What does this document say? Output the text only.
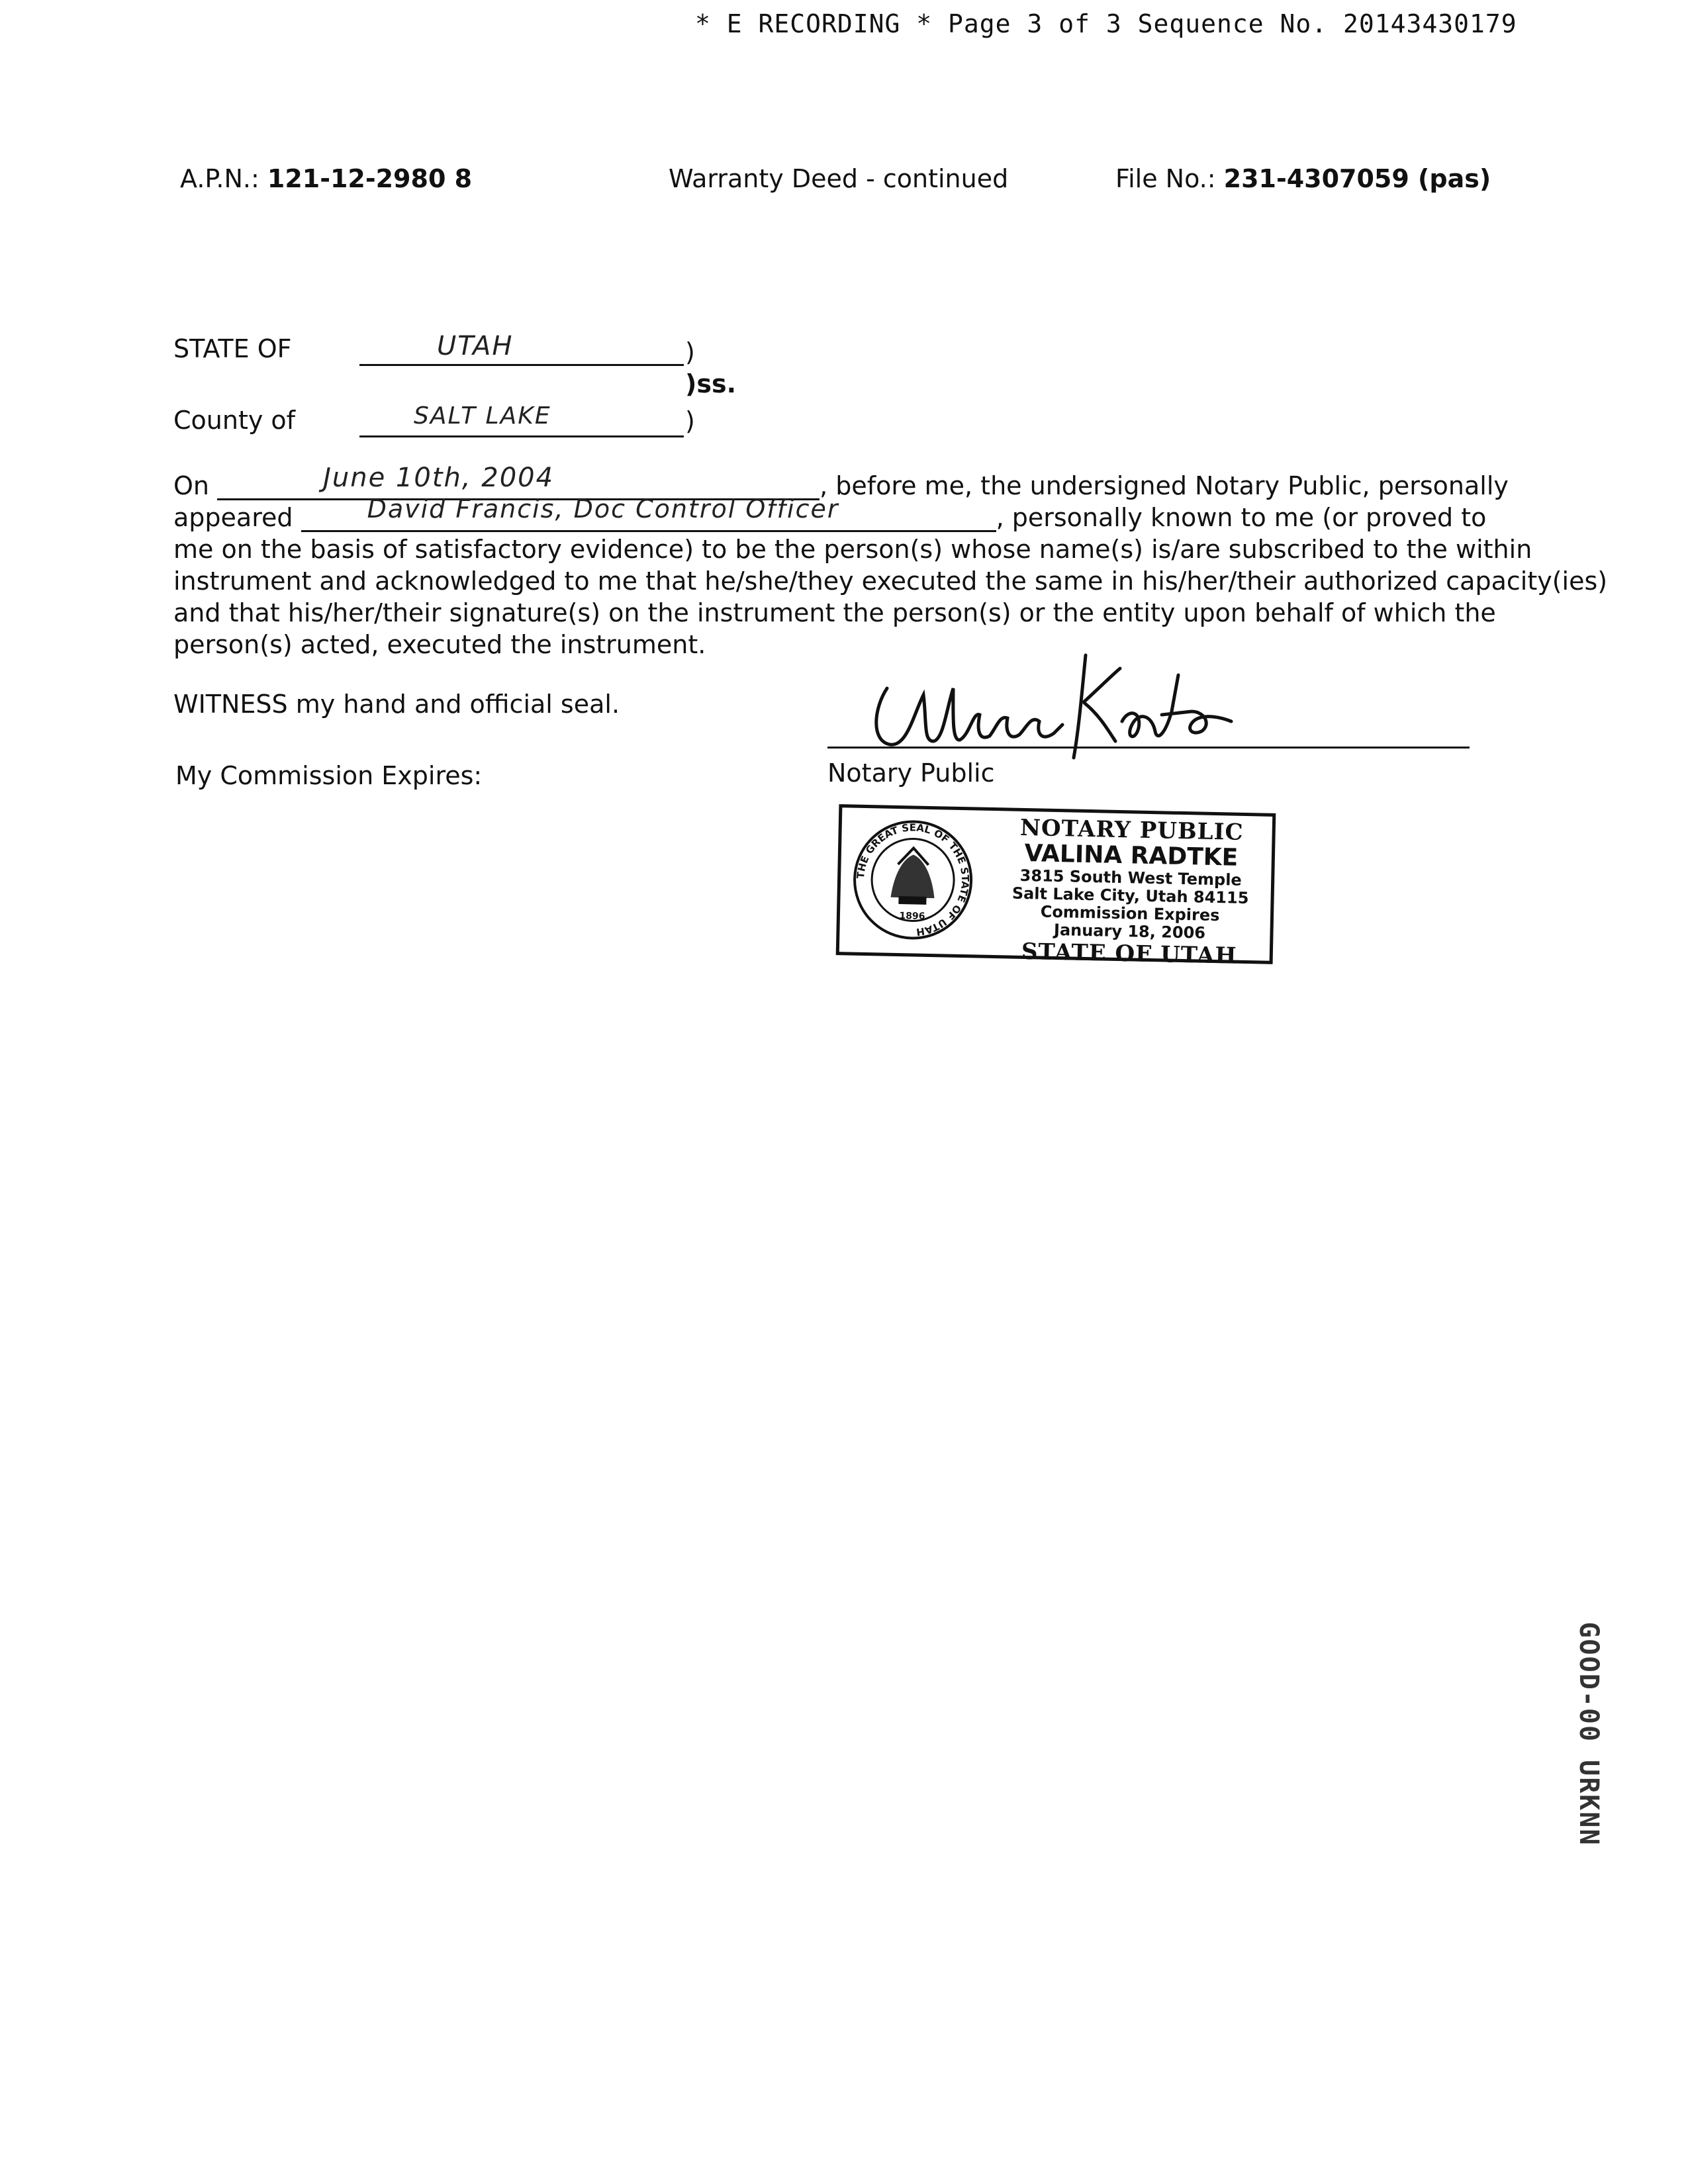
* E RECORDING * Page 3 of 3 Sequence No. 20143430179
A.P.N.: 121-12-2980 8	Warranty Deed - continued	File No.: 231-4307059 (pas)
STATE OF	UTAH	)
)ss.
County of	SALT LAKE	)
On	June 10th, 2004	, before me, the undersigned Notary Public, personally
appeared	David Francis, Doc Control Officer	, personally known to me (or proved to
me on the basis of satisfactory evidence) to be the person(s) whose name(s) is/are subscribed to the within
instrument and acknowledged to me that he/she/they executed the same in his/her/their authorized capacity(ies)
and that his/her/their signature(s) on the instrument the person(s) or the entity upon behalf of which the
person(s) acted, executed the instrument.
WITNESS my hand and official seal.
My Commission Expires:	Notary Public
THE GREAT SEAL OF THE STATE OF UTAH
1896
NOTARY PUBLIC
VALINA RADTKE
3815 South West Temple
Salt Lake City, Utah 84115
Commission Expires
January 18, 2006
STATE OF UTAH
GOOD-00 URKNN
